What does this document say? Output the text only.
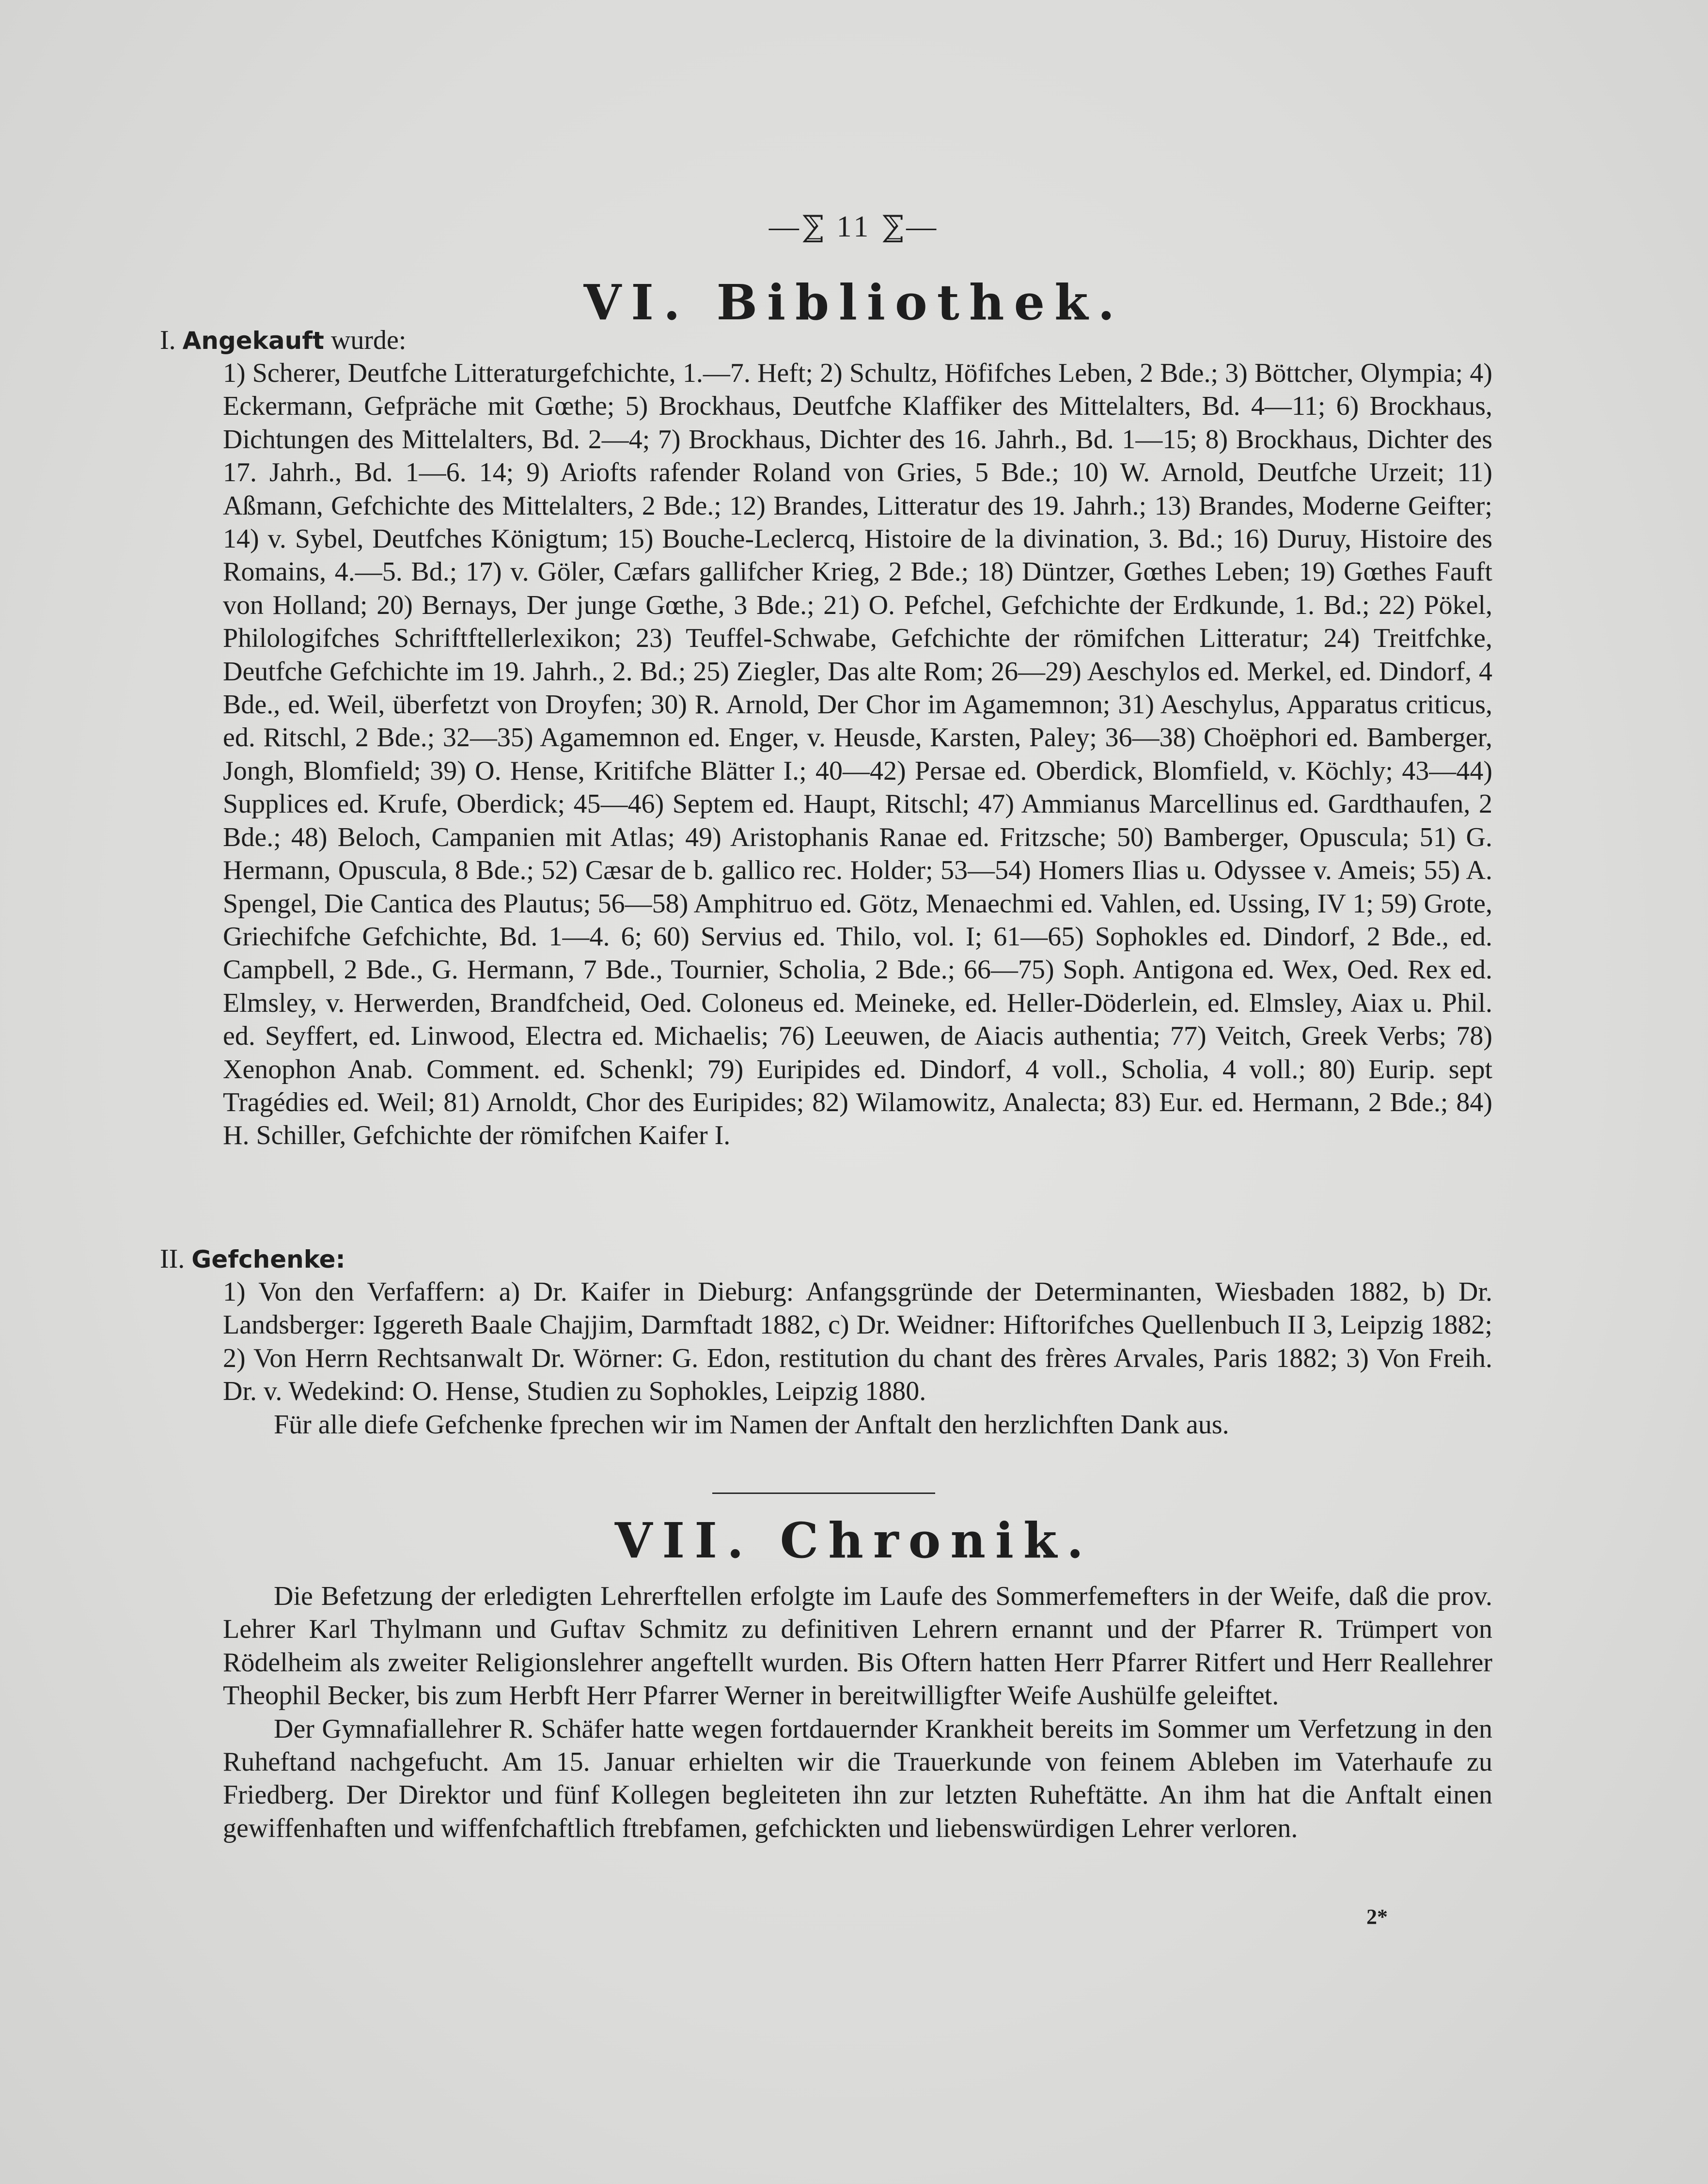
—⅀ 11 ⅀—
VI. Bibliothek.
I. Angekauft wurde:
1) Scherer, Deutfche Litteraturgefchichte, 1.—7. Heft; 2) Schultz, Höfifches Leben, 2 Bde.; 3) Böttcher, Olympia; 4) Eckermann, Gefpräche mit Gœthe; 5) Brockhaus, Deutfche Klaffiker des Mittelalters, Bd. 4—11; 6) Brockhaus, Dichtungen des Mittelalters, Bd. 2—4; 7) Brockhaus, Dichter des 16. Jahrh., Bd. 1—15; 8) Brockhaus, Dichter des 17. Jahrh., Bd. 1—6. 14; 9) Ariofts rafender Roland von Gries, 5 Bde.; 10) W. Arnold, Deutfche Urzeit; 11) Aßmann, Gefchichte des Mittelalters, 2 Bde.; 12) Brandes, Litteratur des 19. Jahrh.; 13) Brandes, Moderne Geifter; 14) v. Sybel, Deutfches Königtum; 15) Bouche-Leclercq, Histoire de la divination, 3. Bd.; 16) Duruy, Histoire des Romains, 4.—5. Bd.; 17) v. Göler, Cæfars gallifcher Krieg, 2 Bde.; 18) Düntzer, Gœthes Leben; 19) Gœthes Fauft von Holland; 20) Bernays, Der junge Gœthe, 3 Bde.; 21) O. Pefchel, Gefchichte der Erdkunde, 1. Bd.; 22) Pökel, Philologifches Schriftftellerlexikon; 23) Teuffel-Schwabe, Gefchichte der römifchen Litteratur; 24) Treitfchke, Deutfche Gefchichte im 19. Jahrh., 2. Bd.; 25) Ziegler, Das alte Rom; 26—29) Aeschylos ed. Merkel, ed. Dindorf, 4 Bde., ed. Weil, überfetzt von Droyfen; 30) R. Arnold, Der Chor im Agamemnon; 31) Aeschylus, Apparatus criticus, ed. Ritschl, 2 Bde.; 32—35) Agamemnon ed. Enger, v. Heusde, Karsten, Paley; 36—38) Choëphori ed. Bamberger, Jongh, Blomfield; 39) O. Hense, Kritifche Blätter I.; 40—42) Persae ed. Oberdick, Blomfield, v. Köchly; 43—44) Supplices ed. Krufe, Oberdick; 45—46) Septem ed. Haupt, Ritschl; 47) Ammianus Marcellinus ed. Gardthaufen, 2 Bde.; 48) Beloch, Campanien mit Atlas; 49) Aristophanis Ranae ed. Fritzsche; 50) Bamberger, Opuscula; 51) G. Hermann, Opuscula, 8 Bde.; 52) Cæsar de b. gallico rec. Holder; 53—54) Homers Ilias u. Odyssee v. Ameis; 55) A. Spengel, Die Cantica des Plautus; 56—58) Amphitruo ed. Götz, Menaechmi ed. Vahlen, ed. Ussing, IV 1; 59) Grote, Griechifche Gefchichte, Bd. 1—4. 6; 60) Servius ed. Thilo, vol. I; 61—65) Sophokles ed. Dindorf, 2 Bde., ed. Campbell, 2 Bde., G. Hermann, 7 Bde., Tournier, Scholia, 2 Bde.; 66—75) Soph. Antigona ed. Wex, Oed. Rex ed. Elmsley, v. Herwerden, Brandfcheid, Oed. Coloneus ed. Meineke, ed. Heller-Döderlein, ed. Elmsley, Aiax u. Phil. ed. Seyffert, ed. Linwood, Electra ed. Michaelis; 76) Leeuwen, de Aiacis authentia; 77) Veitch, Greek Verbs; 78) Xenophon Anab. Comment. ed. Schenkl; 79) Euripides ed. Dindorf, 4 voll., Scholia, 4 voll.; 80) Eurip. sept Tragédies ed. Weil; 81) Arnoldt, Chor des Euripides; 82) Wilamowitz, Analecta; 83) Eur. ed. Hermann, 2 Bde.; 84) H. Schiller, Gefchichte der römifchen Kaifer I.
II. Gefchenke:
1) Von den Verfaffern: a) Dr. Kaifer in Dieburg: Anfangsgründe der Determinanten, Wiesbaden 1882, b) Dr. Landsberger: Iggereth Baale Chajjim, Darmftadt 1882, c) Dr. Weidner: Hiftorifches Quellenbuch II 3, Leipzig 1882; 2) Von Herrn Rechtsanwalt Dr. Wörner: G. Edon, restitution du chant des frères Arvales, Paris 1882; 3) Von Freih. Dr. v. Wedekind: O. Hense, Studien zu Sophokles, Leipzig 1880.
Für alle diefe Gefchenke fprechen wir im Namen der Anftalt den herzlichften Dank aus.
VII. Chronik.
Die Befetzung der erledigten Lehrerftellen erfolgte im Laufe des Sommerfemefters in der Weife, daß die prov. Lehrer Karl Thylmann und Guftav Schmitz zu definitiven Lehrern ernannt und der Pfarrer R. Trümpert von Rödelheim als zweiter Religionslehrer angeftellt wurden. Bis Oftern hatten Herr Pfarrer Ritfert und Herr Reallehrer Theophil Becker, bis zum Herbft Herr Pfarrer Werner in bereitwilligfter Weife Aushülfe geleiftet.
Der Gymnafiallehrer R. Schäfer hatte wegen fortdauernder Krankheit bereits im Sommer um Verfetzung in den Ruheftand nachgefucht. Am 15. Januar erhielten wir die Trauerkunde von feinem Ableben im Vaterhaufe zu Friedberg. Der Direktor und fünf Kollegen begleiteten ihn zur letzten Ruheftätte. An ihm hat die Anftalt einen gewiffenhaften und wiffenfchaftlich ftrebfamen, gefchickten und liebenswürdigen Lehrer verloren.
2*
